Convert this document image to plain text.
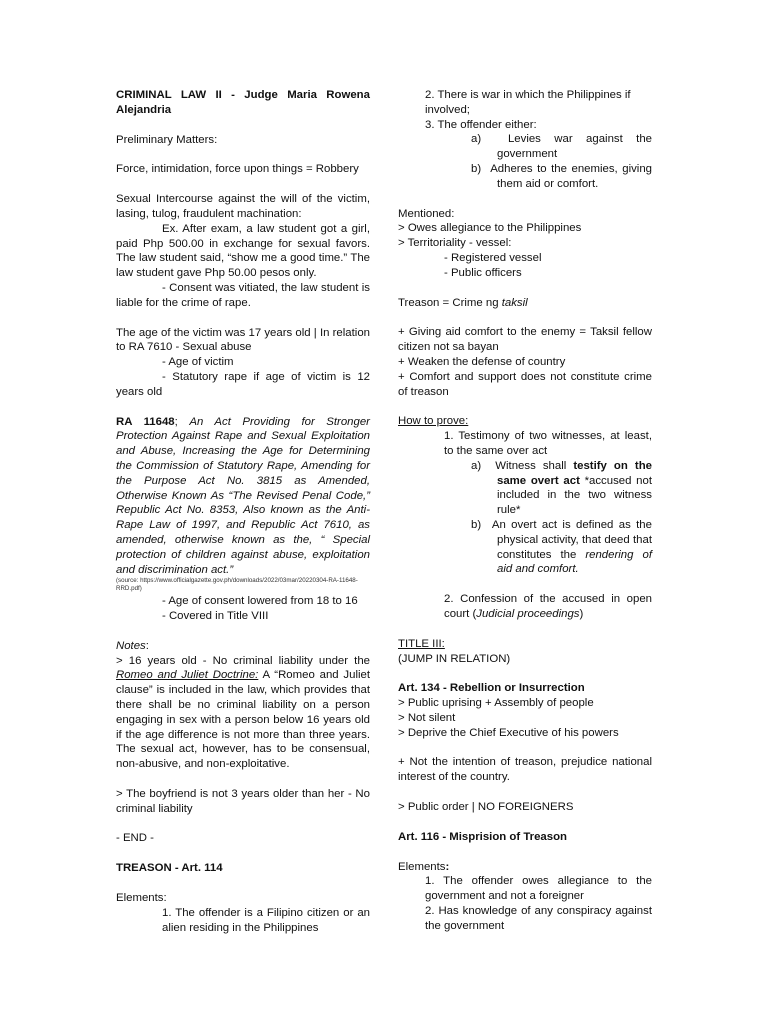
CRIMINAL LAW II - Judge Maria Rowena Alejandria

Preliminary Matters:

Force, intimidation, force upon things = Robbery

Sexual Intercourse against the will of the victim, lasing, tulog, fraudulent machination:

Ex. After exam, a law student got a girl, paid Php 500.00 in exchange for sexual favors. The law student said, “show me a good time.” The law student gave Php 50.00 pesos only.

- Consent was vitiated, the law student is liable for the crime of rape.

The age of the victim was 17 years old | In relation to RA 7610 - Sexual abuse

- Age of victim

- Statutory rape if age of victim is 12 years old

RA 11648; An Act Providing for Stronger Protection Against Rape and Sexual Exploitation and Abuse, Increasing the Age for Determining the Commission of Statutory Rape, Amending for the Purpose Act No. 3815 as Amended, Otherwise Known As “The Revised Penal Code,” Republic Act No. 8353, Also known as the Anti-Rape Law of 1997, and Republic Act 7610, as amended, otherwise known as the, “ Special protection of children against abuse, exploitation and discrimination act.”

(source: https://www.officialgazette.gov.ph/downloads/2022/03mar/20220304-RA-11648-RRD.pdf)

- Age of consent lowered from 18 to 16

- Covered in Title VIII

Notes:

> 16 years old - No criminal liability under the Romeo and Juliet Doctrine: A “Romeo and Juliet clause” is included in the law, which provides that there shall be no criminal liability on a person engaging in sex with a person below 16 years old if the age difference is not more than three years. The sexual act, however, has to be consensual, non-abusive, and non-exploitative.

> The boyfriend is not 3 years older than her - No criminal liability

- END -

TREASON - Art. 114

Elements:

1. The offender is a Filipino citizen or an alien residing in the Philippines

2. There is war in which the Philippines if involved;

3. The offender either:

a) Levies war against the government

b) Adheres to the enemies, giving them aid or comfort.

Mentioned:

> Owes allegiance to the Philippines

> Territoriality - vessel:

- Registered vessel

- Public officers

Treason = Crime ng taksil

+ Giving aid comfort to the enemy = Taksil fellow citizen not sa bayan

+ Weaken the defense of country

+ Comfort and support does not constitute crime of treason

How to prove:

1. Testimony of two witnesses, at least, to the same over act

a) Witness shall testify on the same overt act *accused not included in the two witness rule*

b) An overt act is defined as the physical activity, that deed that constitutes the rendering of aid and comfort.

2. Confession of the accused in open court (Judicial proceedings)

TITLE III:

(JUMP IN RELATION)

Art. 134 - Rebellion or Insurrection

> Public uprising + Assembly of people

> Not silent

> Deprive the Chief Executive of his powers

+ Not the intention of treason, prejudice national interest of the country.

> Public order | NO FOREIGNERS

Art. 116 - Misprision of Treason

Elements:

1. The offender owes allegiance to the government and not a foreigner

2. Has knowledge of any conspiracy against the government
